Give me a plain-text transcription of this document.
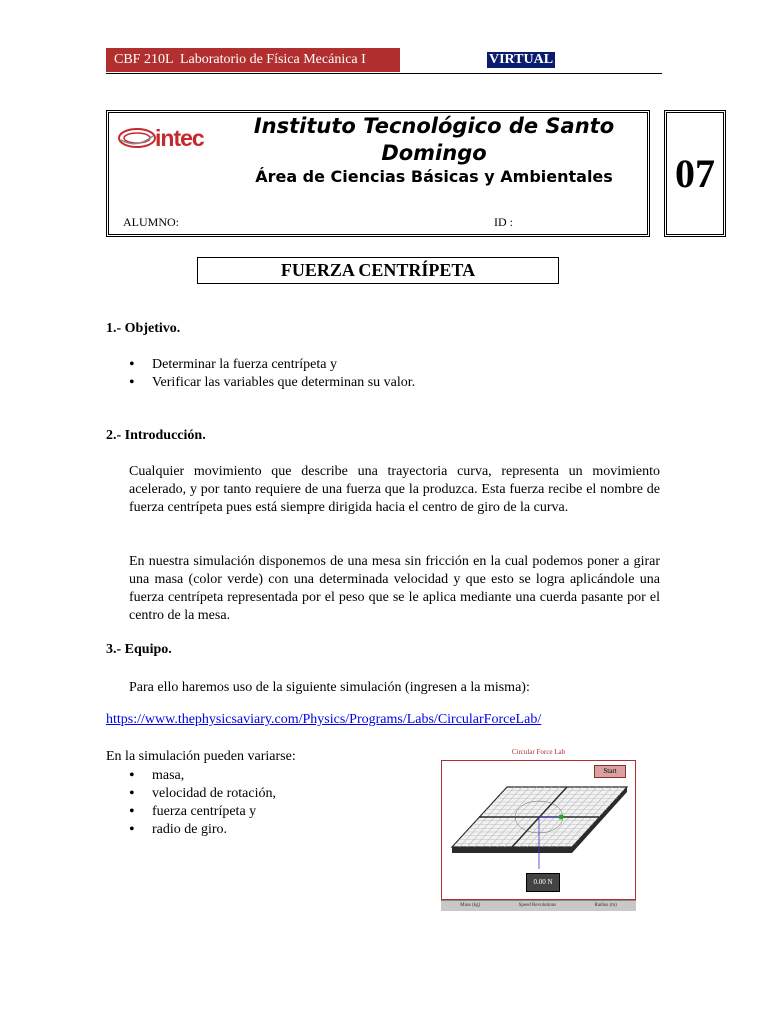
CBF 210L  Laboratorio de Física Mecánica I	VIRTUAL
intec	Instituto Tecnológico de Santo Domingo
Área de Ciencias Básicas y Ambientales
ALUMNO:	ID :
07
FUERZA CENTRÍPETA
1.- Objetivo.
• Determinar la fuerza centrípeta y
• Verificar las variables que determinan su valor.
2.- Introducción.

Cualquier movimiento que describe una trayectoria curva, representa un movimiento acelerado, y por tanto requiere de una fuerza que la produzca. Esta fuerza recibe el nombre de fuerza centrípeta pues está siempre dirigida hacia el centro de giro de la curva.

En nuestra simulación disponemos de una mesa sin fricción en la cual podemos poner a girar una masa (color verde) con una determinada velocidad y que esto se logra aplicándole una fuerza centrípeta representada por el peso que se le aplica mediante una cuerda pasante por el centro de la mesa.

3.- Equipo.
Para ello haremos uso de la siguiente simulación (ingresen a la misma):
https://www.thephysicsaviary.com/Physics/Programs/Labs/CircularForceLab/
En la simulación pueden variarse:
• masa,
• velocidad de rotación,
• fuerza centrípeta y
• radio de giro.
Circular Force Lab
Start
0.00 N
Mass (kg)	Speed Revolutions	Radius (m)
